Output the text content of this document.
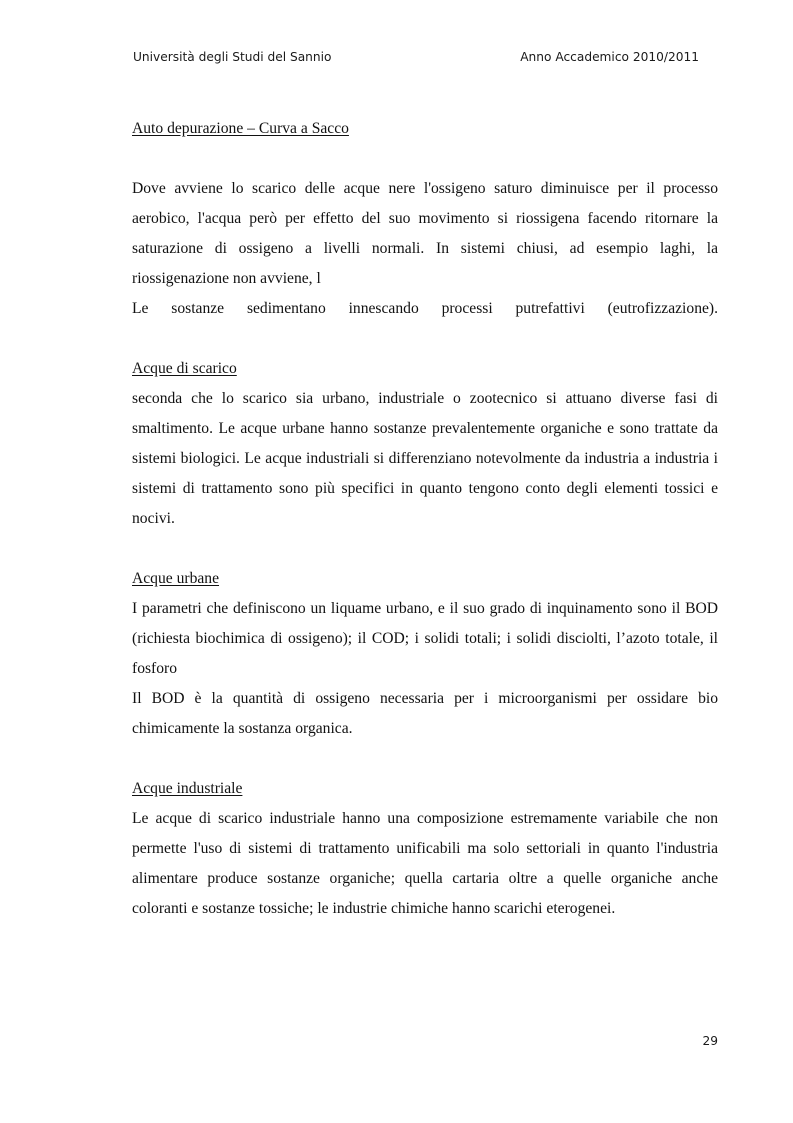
Università degli Studi del Sannio	Anno Accademico 2010/2011
Auto depurazione – Curva a Sacco
Dove avviene lo scarico delle acque nere l'ossigeno saturo diminuisce per il processo aerobico, l'acqua però per effetto del suo movimento si riossigena facendo ritornare la saturazione di ossigeno a livelli normali. In sistemi chiusi, ad esempio laghi, la riossigenazione non avviene, l
Le sostanze sedimentano innescando processi putrefattivi (eutrofizzazione).
Acque di scarico
seconda che lo scarico sia urbano, industriale o zootecnico si attuano diverse fasi di smaltimento. Le acque urbane hanno sostanze prevalentemente organiche e sono trattate da sistemi biologici. Le acque industriali si differenziano notevolmente da industria a industria i sistemi di trattamento sono più specifici in quanto tengono conto degli elementi tossici e nocivi.
Acque urbane
I parametri che definiscono un liquame urbano, e il suo grado di inquinamento sono il BOD (richiesta biochimica di ossigeno); il COD; i solidi totali; i solidi disciolti, l’azoto totale, il fosforo
Il BOD è la quantità di ossigeno necessaria per i microorganismi per ossidare bio chimicamente la sostanza organica.
Acque industriale
Le acque di scarico industriale hanno una composizione estremamente variabile che non permette l'uso di sistemi di trattamento unificabili ma solo settoriali in quanto l'industria alimentare produce sostanze organiche; quella cartaria oltre a quelle organiche anche coloranti e sostanze tossiche; le industrie chimiche hanno scarichi eterogenei.
29
